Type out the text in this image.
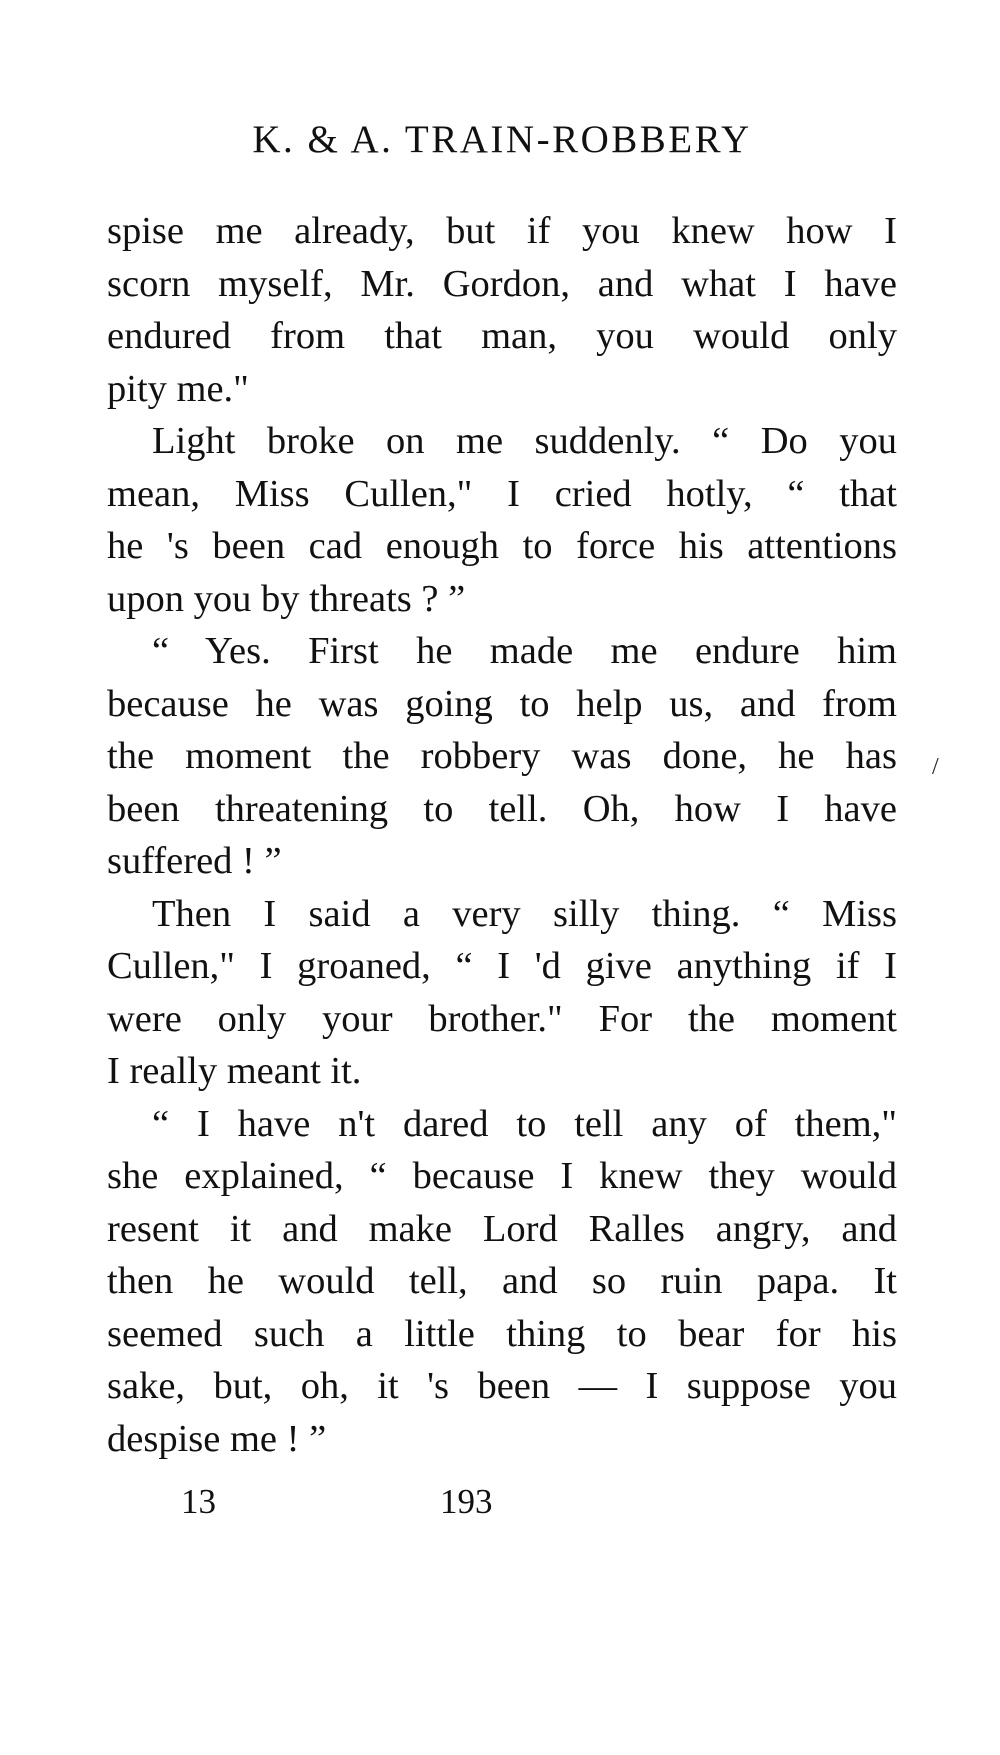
K. & A. TRAIN-ROBBERY
spise me already, but if you knew how I
scorn myself, Mr. Gordon, and what I have
endured from that man, you would only
pity me."
Light broke on me suddenly. “ Do you
mean, Miss Cullen," I cried hotly, “ that
he 's been cad enough to force his attentions
upon you by threats ? ”
“ Yes. First he made me endure him
because he was going to help us, and from
the moment the robbery was done, he has
been threatening to tell. Oh, how I have
suffered ! ”
Then I said a very silly thing. “ Miss
Cullen," I groaned, “ I 'd give anything if I
were only your brother." For the moment
I really meant it.
“ I have n't dared to tell any of them,"
she explained, “ because I knew they would
resent it and make Lord Ralles angry, and
then he would tell, and so ruin papa. It
seemed such a little thing to bear for his
sake, but, oh, it 's been — I suppose you
despise me ! ”
/
13	193
